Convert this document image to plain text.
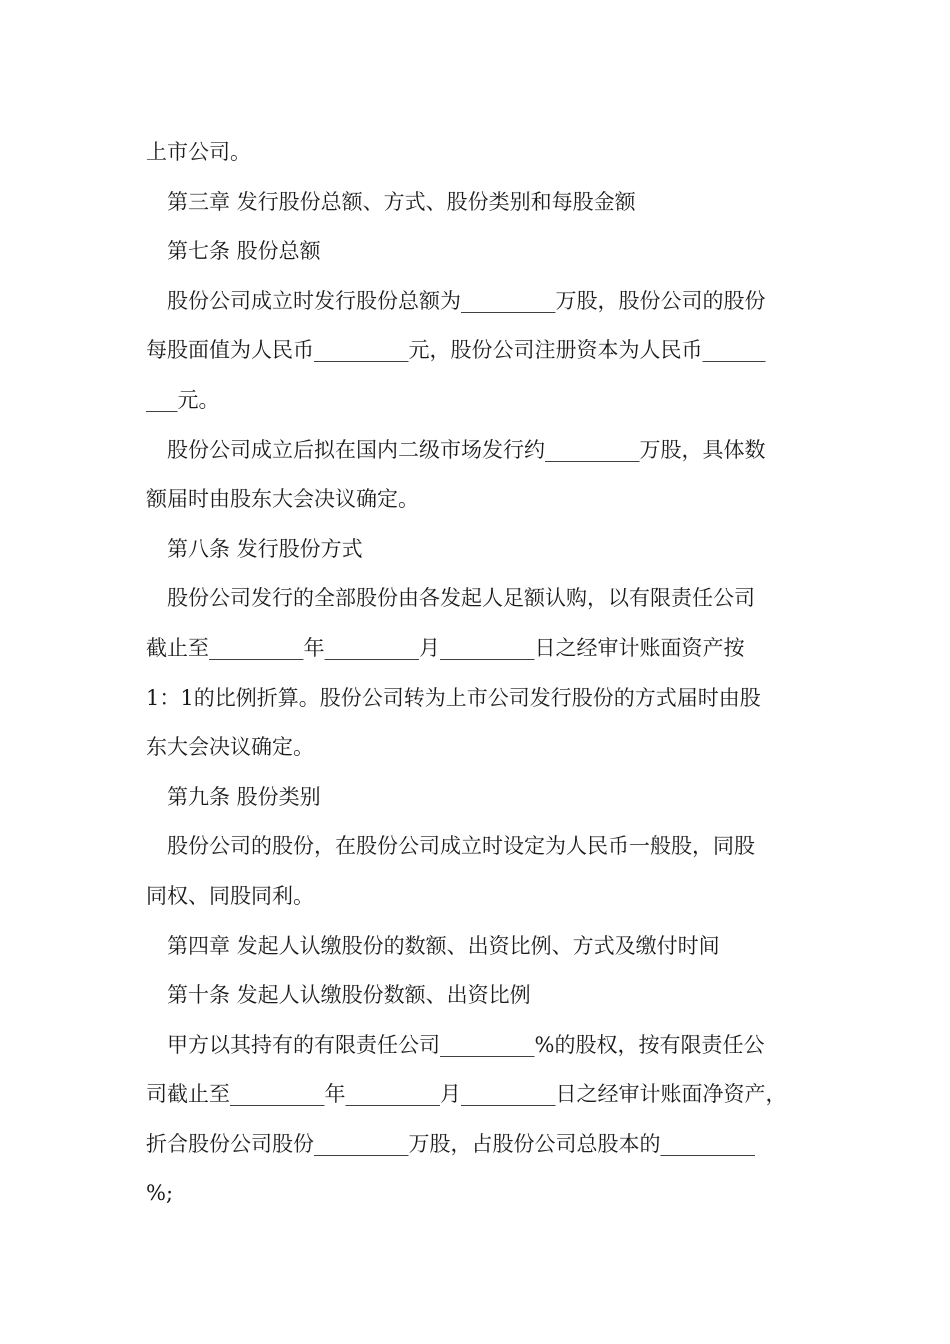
上市公司。
第三章 发行股份总额、方式、股份类别和每股金额
第七条 股份总额
股份公司成立时发行股份总额为_________万股，股份公司的股份
每股面值为人民币_________元，股份公司注册资本为人民币______
___元。
股份公司成立后拟在国内二级市场发行约_________万股，具体数
额届时由股东大会决议确定。
第八条 发行股份方式
股份公司发行的全部股份由各发起人足额认购，以有限责任公司
截止至_________年_________月_________日之经审计账面资产按
1：1的比例折算。股份公司转为上市公司发行股份的方式届时由股
东大会决议确定。
第九条 股份类别
股份公司的股份，在股份公司成立时设定为人民币一般股，同股
同权、同股同利。
第四章 发起人认缴股份的数额、出资比例、方式及缴付时间
第十条 发起人认缴股份数额、出资比例
甲方以其持有的有限责任公司_________%的股权，按有限责任公
司截止至_________年_________月_________日之经审计账面净资产，
折合股份公司股份_________万股，占股份公司总股本的_________
%;
